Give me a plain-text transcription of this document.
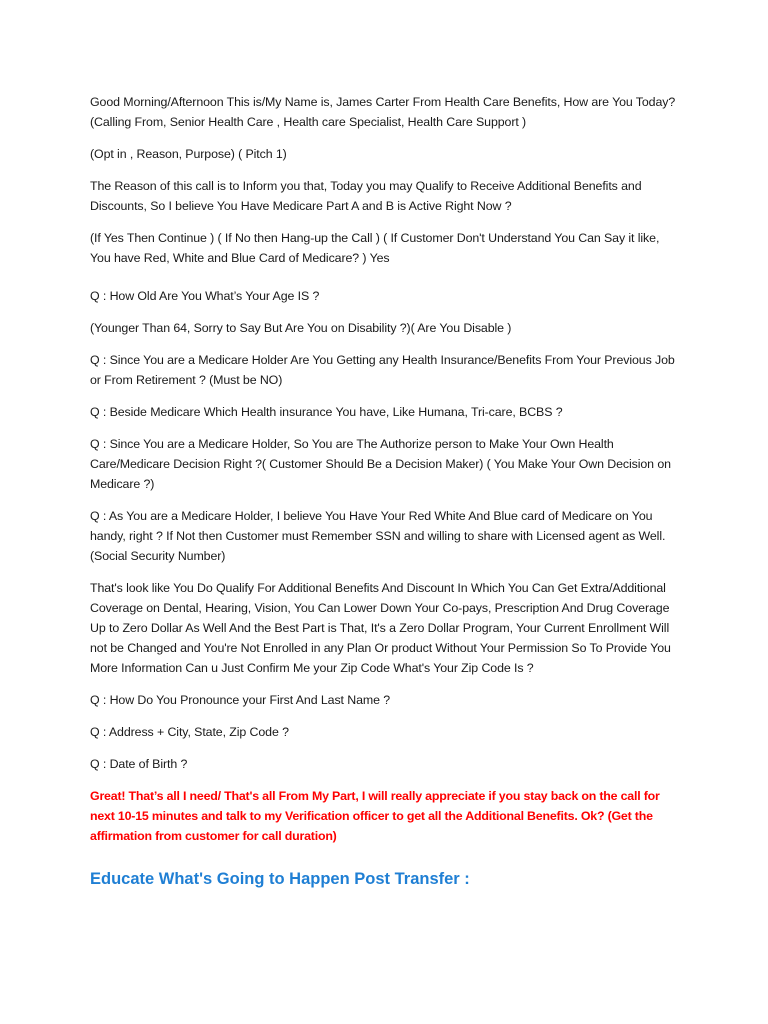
Good Morning/Afternoon This is/My Name is, James Carter From Health Care Benefits, How are You Today?(Calling From, Senior Health Care , Health care Specialist, Health Care Support )

(Opt in , Reason, Purpose) ( Pitch 1)

The Reason of this call is to Inform you that, Today you may Qualify to Receive Additional Benefits and Discounts, So I believe You Have Medicare Part A and B is Active Right Now ?

(If Yes Then Continue ) ( If No then Hang-up the Call ) ( If Customer Don't Understand You Can Say it like, You have Red, White and Blue Card of Medicare? ) Yes

Q : How Old Are You What’s Your Age IS ?

(Younger Than 64, Sorry to Say But Are You on Disability ?)( Are You Disable )

Q : Since You are a Medicare Holder Are You Getting any Health Insurance/Benefits From Your Previous Job or From Retirement ? (Must be NO)

Q : Beside Medicare Which Health insurance You have, Like Humana, Tri-care, BCBS ?

Q : Since You are a Medicare Holder, So You are The Authorize person to Make Your Own Health Care/Medicare Decision Right ?( Customer Should Be a Decision Maker) ( You Make Your Own Decision on Medicare ?)

Q : As You are a Medicare Holder, I believe You Have Your Red White And Blue card of Medicare on You handy, right ? If Not then Customer must Remember SSN and willing to share with Licensed agent as Well. (Social Security Number)

That's look like You Do Qualify For Additional Benefits And Discount In Which You Can Get Extra/Additional Coverage on Dental, Hearing, Vision, You Can Lower Down Your Co-pays, Prescription And Drug Coverage Up to Zero Dollar As Well And the Best Part is That, It's a Zero Dollar Program, Your Current Enrollment Will not be Changed and You're Not Enrolled in any Plan Or product Without Your Permission So To Provide You More Information Can u Just Confirm Me your Zip Code What's Your Zip Code Is ?

Q : How Do You Pronounce your First And Last Name ?

Q : Address + City, State, Zip Code ?

Q : Date of Birth ?

Great! That’s all I need/ That's all From My Part, I will really appreciate if you stay back on the call for next 10-15 minutes and talk to my Verification officer to get all the Additional Benefits. Ok? (Get the affirmation from customer for call duration)

Educate What's Going to Happen Post Transfer :
